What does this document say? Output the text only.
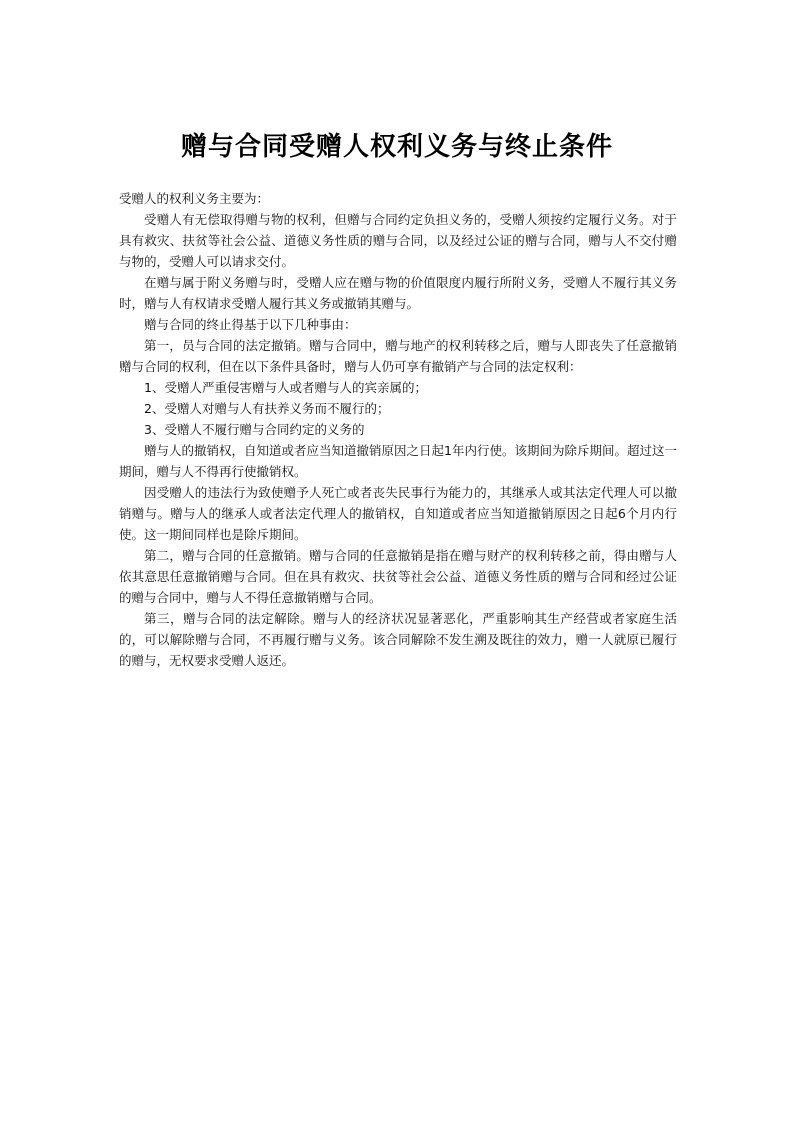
赠与合同受赠人权利义务与终止条件

受赠人的权利义务主要为：

受赠人有无偿取得赠与物的权利，但赠与合同约定负担义务的，受赠人须按约定履行义务。对于具有救灾、扶贫等社会公益、道德义务性质的赠与合同，以及经过公证的赠与合同，赠与人不交付赠与物的，受赠人可以请求交付。

在赠与属于附义务赠与时，受赠人应在赠与物的价值限度内履行所附义务，受赠人不履行其义务时，赠与人有权请求受赠人履行其义务或撤销其赠与。

赠与合同的终止得基于以下几种事由：

第一，员与合同的法定撤销。赠与合同中，赠与地产的权利转移之后，赠与人即丧失了任意撤销赠与合同的权利，但在以下条件具备时，赠与人仍可享有撤销产与合同的法定权利：

1、受赠人严重侵害赠与人或者赠与人的宾亲属的；

2、受赠人对赠与人有扶养义务而不履行的；

3、受赠人不履行赠与合同约定的义务的

赠与人的撤销权，自知道或者应当知道撤销原因之日起1年内行使。该期间为除斥期间。超过这一期间，赠与人不得再行使撤销权。

因受赠人的违法行为致使赠予人死亡或者丧失民事行为能力的，其继承人或其法定代理人可以撤销赠与。赠与人的继承人或者法定代理人的撤销权，自知道或者应当知道撤销原因之日起6个月内行使。这一期间同样也是除斥期间。

第二，赠与合同的任意撤销。赠与合同的任意撤销是指在赠与财产的权利转移之前，得由赠与人依其意思任意撤销赠与合同。但在具有救灾、扶贫等社会公益、道德义务性质的赠与合同和经过公证的赠与合同中，赠与人不得任意撤销赠与合同。

第三，赠与合同的法定解除。赠与人的经济状况显著恶化，严重影响其生产经营或者家庭生活的，可以解除赠与合同，不再履行赠与义务。该合同解除不发生溯及既往的效力，赠一人就原已履行的赠与，无权要求受赠人返还。
